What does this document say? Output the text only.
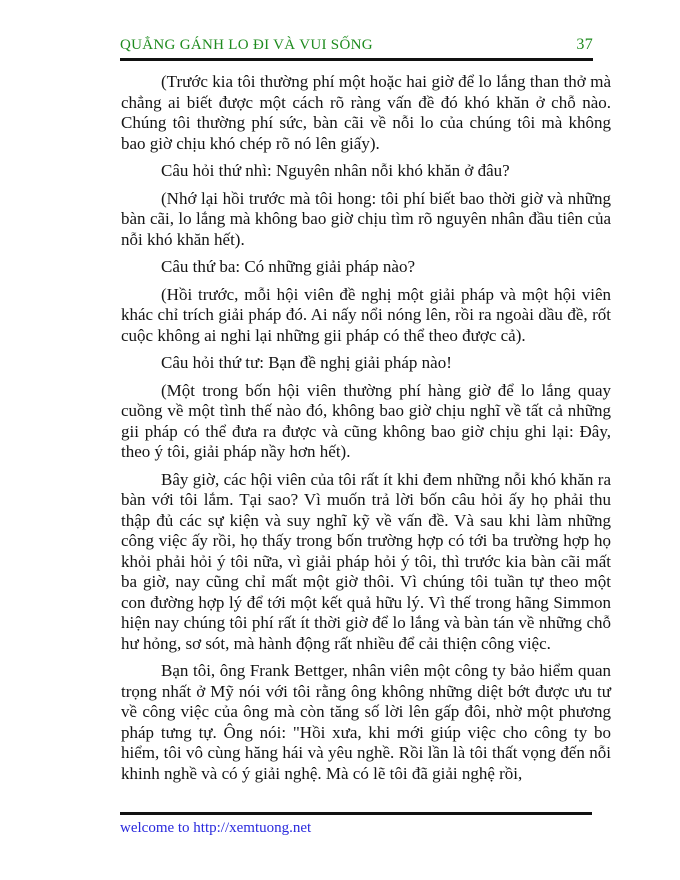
QUẲNG GÁNH LO ĐI VÀ VUI SỐNG	37

(Trước kia tôi thường phí một hoặc hai giờ để lo lắng than thở mà chẳng ai biết được một cách rõ ràng vấn đề đó khó khăn ở chỗ nào. Chúng tôi thường phí sức, bàn cãi về nỗi lo của chúng tôi mà không bao giờ chịu khó chép rõ nó lên giấy).

Câu hỏi thứ nhì: Nguyên nhân nỗi khó khăn ở đâu?

(Nhớ lại hồi trước mà tôi hong: tôi phí biết bao thời giờ và những bàn cãi, lo lắng mà không bao giờ chịu tìm rõ nguyên nhân đầu tiên của nỗi khó khăn hết).

Câu thứ ba: Có những giải pháp nào?

(Hồi trước, mỗi hội viên đề nghị một giải pháp và một hội viên khác chỉ trích giải pháp đó. Ai nấy nổi nóng lên, rồi ra ngoài dầu đề, rốt cuộc không ai nghi lại những gii pháp có thể theo được cả).

Câu hỏi thứ tư: Bạn đề nghị giải pháp nào!

(Một trong bốn hội viên thường phí hàng giờ để lo lắng quay cuồng về một tình thế nào đó, không bao giờ chịu nghĩ về tất cả những gii pháp có thể đưa ra được và cũng không bao giờ chịu ghi lại: Đây, theo ý tôi, giải pháp nầy hơn hết).

Bây giờ, các hội viên của tôi rất ít khi đem những nỗi khó khăn ra bàn với tôi lắm. Tại sao? Vì muốn trả lời bốn câu hỏi ấy họ phải thu thập đủ các sự kiện và suy nghĩ kỹ về vấn đề. Và sau khi làm những công việc ấy rồi, họ thấy trong bốn trường hợp có tới ba trường hợp họ khỏi phải hỏi ý tôi nữa, vì giải pháp hỏi ý tôi, thì trước kia bàn cãi mất ba giờ, nay cũng chỉ mất một giờ thôi. Vì chúng tôi tuần tự theo một con đường hợp lý để tới một kết quả hữu lý. Vì thế trong hãng Simmon hiện nay chúng tôi phí rất ít thời giờ để lo lắng và bàn tán về những chỗ hư hỏng, sơ sót, mà hành động rất nhiều để cải thiện công việc.

Bạn tôi, ông Frank Bettger, nhân viên một công ty bảo hiểm quan trọng nhất ở Mỹ nói với tôi rằng ông không những diệt bớt được ưu tư về công việc của ông mà còn tăng số lời lên gấp đôi, nhờ một phương pháp tưng tự. Ông nói: "Hồi xưa, khi mới giúp việc cho công ty bo hiểm, tôi vô cùng hăng hái và yêu nghề. Rồi lần là tôi thất vọng đến nỗi khinh nghề và có ý giải nghệ. Mà có lẽ tôi đã giải nghệ rồi,

welcome to http://xemtuong.net
